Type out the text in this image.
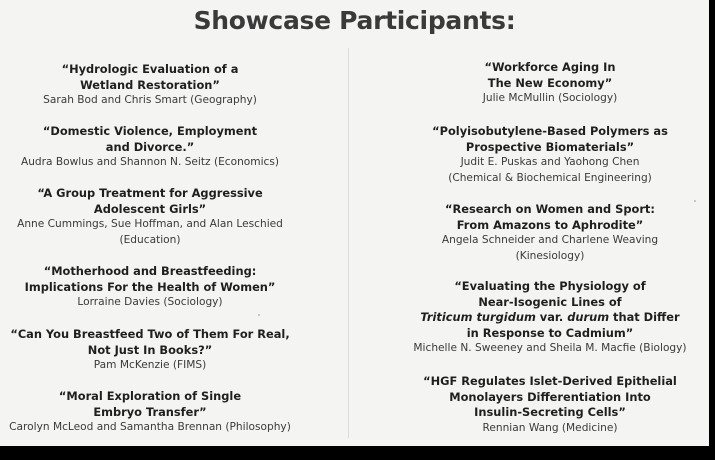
Showcase Participants:
“Hydrologic Evaluation of a
Wetland Restoration”
Sarah Bod and Chris Smart (Geography)
“Domestic Violence, Employment
and Divorce.”
Audra Bowlus and Shannon N. Seitz (Economics)
“A Group Treatment for Aggressive
Adolescent Girls”
Anne Cummings, Sue Hoffman, and Alan Leschied
(Education)
“Motherhood and Breastfeeding:
Implications For the Health of Women”
Lorraine Davies (Sociology)
“Can You Breastfeed Two of Them For Real,
Not Just In Books?”
Pam McKenzie (FIMS)
“Moral Exploration of Single
Embryo Transfer”
Carolyn McLeod and Samantha Brennan (Philosophy)
“Workforce Aging In
The New Economy”
Julie McMullin (Sociology)
“Polyisobutylene-Based Polymers as
Prospective Biomaterials”
Judit E. Puskas and Yaohong Chen
(Chemical & Biochemical Engineering)
“Research on Women and Sport:
From Amazons to Aphrodite”
Angela Schneider and Charlene Weaving
(Kinesiology)
“Evaluating the Physiology of
Near-Isogenic Lines of
Triticum turgidum var. durum that Differ
in Response to Cadmium”
Michelle N. Sweeney and Sheila M. Macfie (Biology)
“HGF Regulates Islet-Derived Epithelial
Monolayers Differentiation Into
Insulin-Secreting Cells”
Rennian Wang (Medicine)
